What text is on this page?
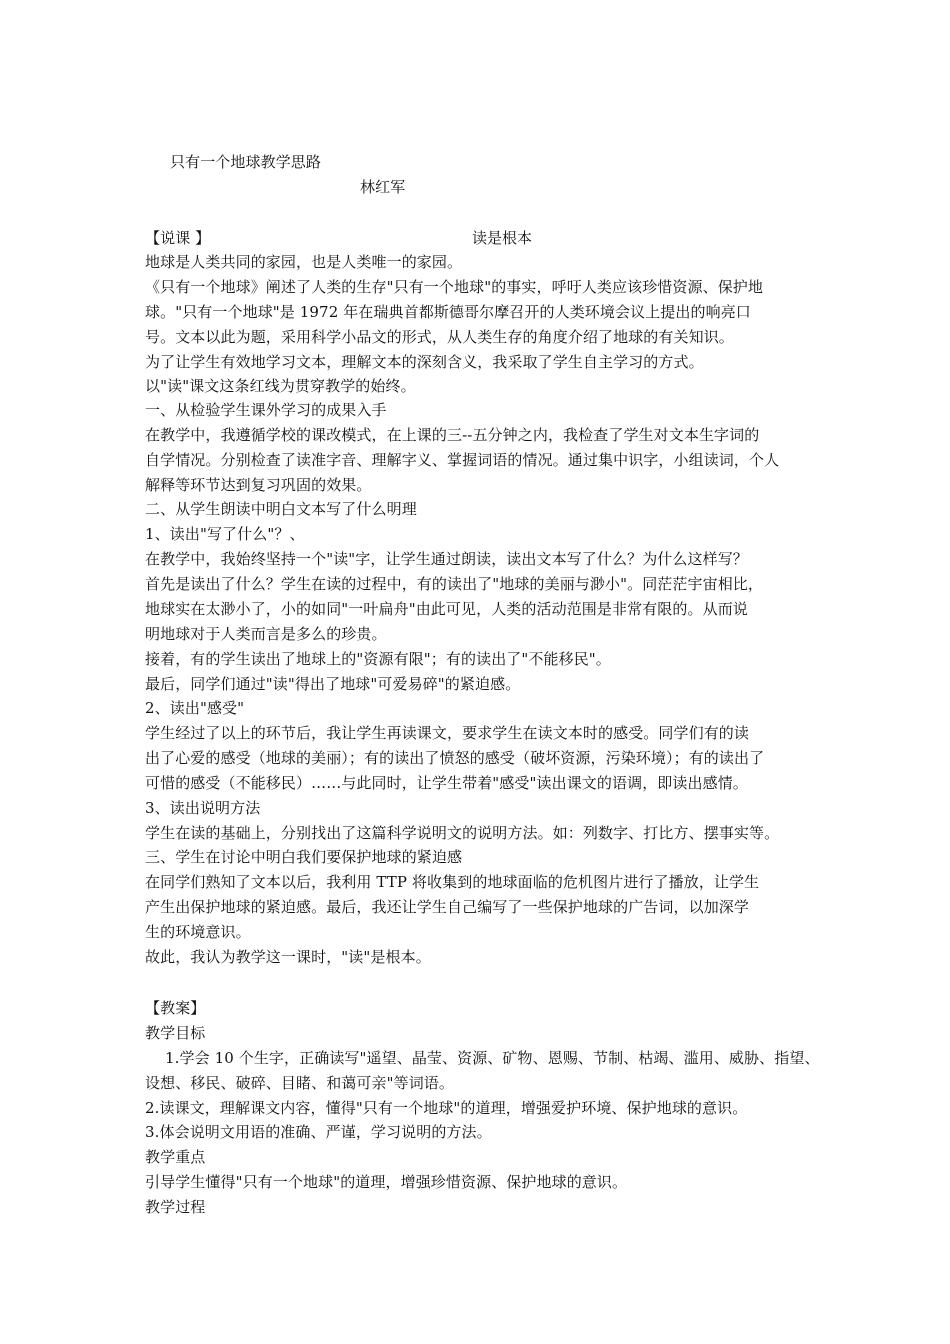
只有一个地球教学思路
林红军
【说课 】	读是根本
地球是人类共同的家园，也是人类唯一的家园。
《只有一个地球》阐述了人类的生存"只有一个地球"的事实，呼吁人类应该珍惜资源、保护地
球。"只有一个地球"是 1972 年在瑞典首都斯德哥尔摩召开的人类环境会议上提出的响亮口
号。文本以此为题，采用科学小品文的形式，从人类生存的角度介绍了地球的有关知识。
为了让学生有效地学习文本，理解文本的深刻含义，我采取了学生自主学习的方式。
以"读"课文这条红线为贯穿教学的始终。
一、从检验学生课外学习的成果入手
在教学中，我遵循学校的课改模式，在上课的三--五分钟之内，我检查了学生对文本生字词的
自学情况。分别检查了读准字音、理解字义、掌握词语的情况。通过集中识字，小组读词，个人
解释等环节达到复习巩固的效果。
二、从学生朗读中明白文本写了什么明理
1、读出"写了什么"？、
在教学中，我始终坚持一个"读"字，让学生通过朗读，读出文本写了什么？为什么这样写？
首先是读出了什么？学生在读的过程中，有的读出了"地球的美丽与渺小"。同茫茫宇宙相比，
地球实在太渺小了，小的如同"一叶扁舟"由此可见，人类的活动范围是非常有限的。从而说
明地球对于人类而言是多么的珍贵。
接着，有的学生读出了地球上的"资源有限"；有的读出了"不能移民"。
最后，同学们通过"读"得出了地球"可爱易碎"的紧迫感。
2、读出"感受"
学生经过了以上的环节后，我让学生再读课文，要求学生在读文本时的感受。同学们有的读
出了心爱的感受（地球的美丽）；有的读出了愤怒的感受（破坏资源，污染环境）；有的读出了
可惜的感受（不能移民）……与此同时，让学生带着"感受"读出课文的语调，即读出感情。
3、读出说明方法
学生在读的基础上，分别找出了这篇科学说明文的说明方法。如：列数字、打比方、摆事实等。
三、学生在讨论中明白我们要保护地球的紧迫感
在同学们熟知了文本以后，我利用 TTP 将收集到的地球面临的危机图片进行了播放，让学生
产生出保护地球的紧迫感。最后，我还让学生自己编写了一些保护地球的广告词，以加深学
生的环境意识。
故此，我认为教学这一课时，"读"是根本。
【教案】
教学目标
1.学会 10 个生字，正确读写"遥望、晶莹、资源、矿物、恩赐、节制、枯竭、滥用、威胁、指望、
设想、移民、破碎、目睹、和蔼可亲"等词语。
2.读课文，理解课文内容，懂得"只有一个地球"的道理，增强爱护环境、保护地球的意识。
3.体会说明文用语的准确、严谨，学习说明的方法。
教学重点
引导学生懂得"只有一个地球"的道理，增强珍惜资源、保护地球的意识。
教学过程
